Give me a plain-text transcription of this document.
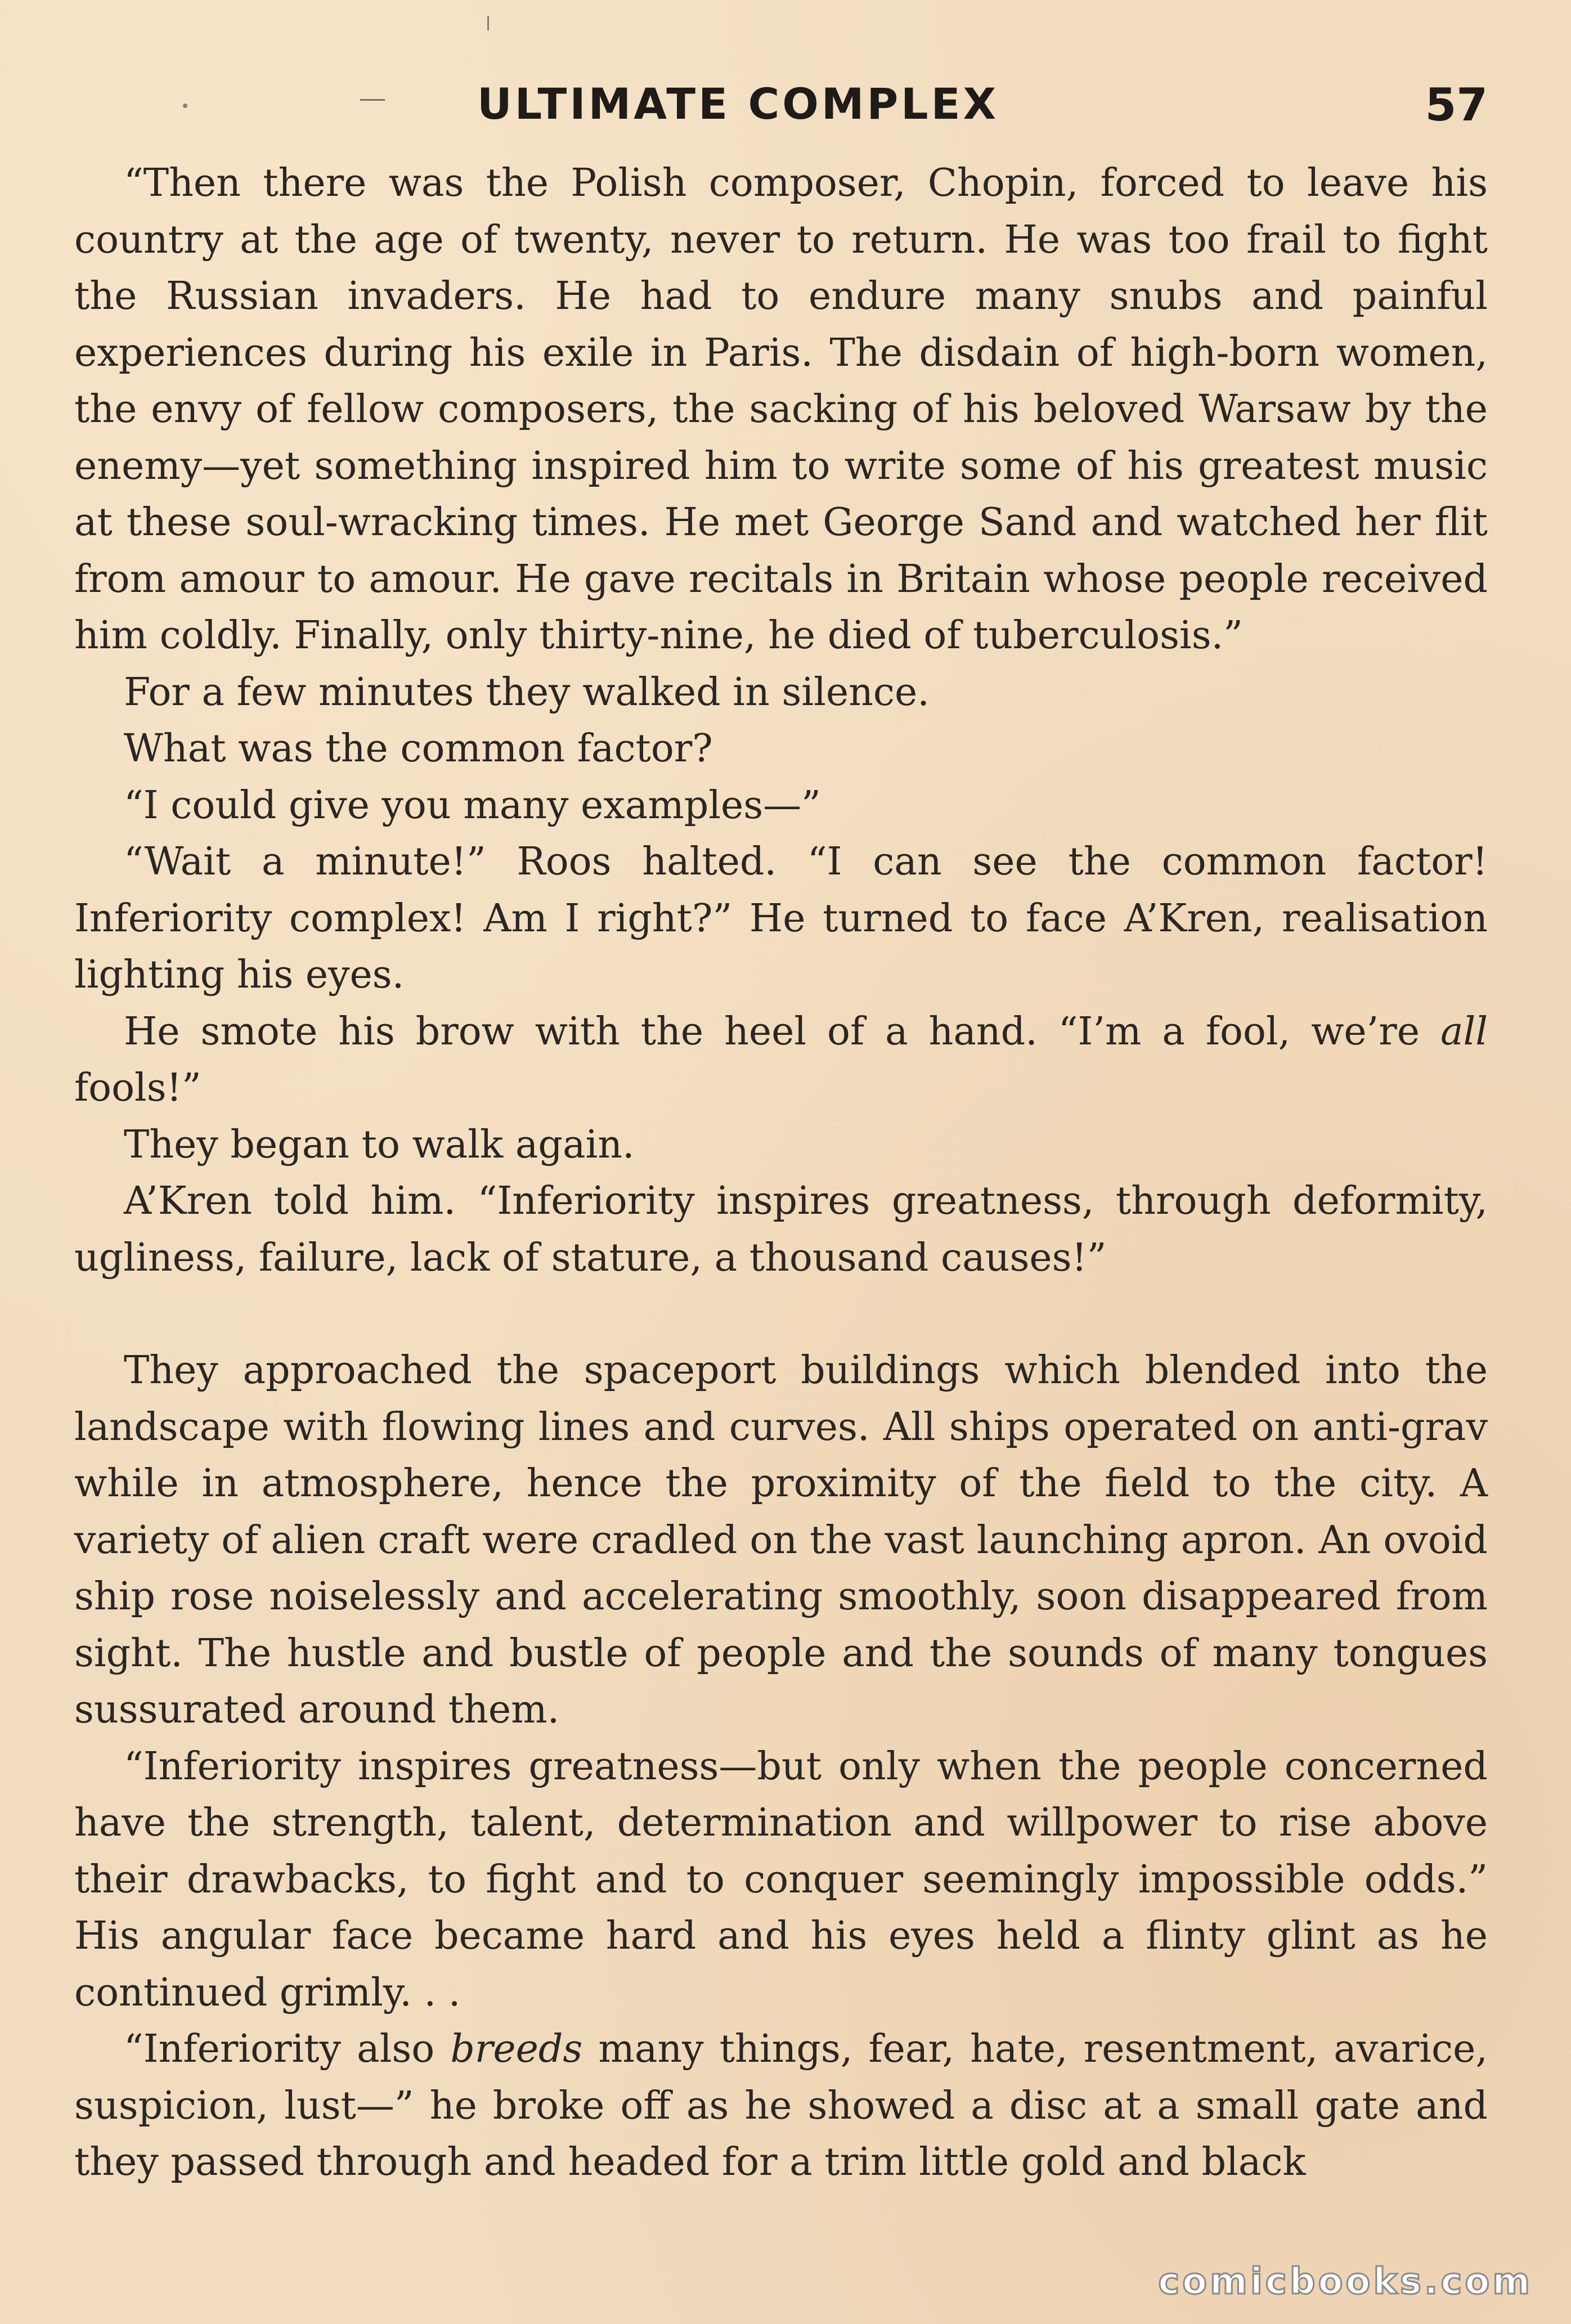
ULTIMATE COMPLEX	57

“Then there was the Polish composer, Chopin, forced to leave his country at the age of twenty, never to return. He was too frail to fight the Russian invaders. He had to endure many snubs and painful experiences during his exile in Paris. The disdain of high-born women, the envy of fellow composers, the sacking of his beloved Warsaw by the enemy—yet something inspired him to write some of his greatest music at these soul-wracking times. He met George Sand and watched her flit from amour to amour. He gave recitals in Britain whose people received him coldly. Finally, only thirty-nine, he died of tuberculosis.”

For a few minutes they walked in silence.

What was the common factor?

“I could give you many examples—”

“Wait a minute!” Roos halted. “I can see the common factor! Inferiority complex! Am I right?” He turned to face A’Kren, realisation lighting his eyes.

He smote his brow with the heel of a hand. “I’m a fool, we’re all fools!”

They began to walk again.

A’Kren told him. “Inferiority inspires greatness, through deformity, ugliness, failure, lack of stature, a thousand causes!”

They approached the spaceport buildings which blended into the landscape with flowing lines and curves. All ships operated on anti-grav while in atmosphere, hence the proximity of the field to the city. A variety of alien craft were cradled on the vast launching apron. An ovoid ship rose noiselessly and accelerating smoothly, soon disappeared from sight. The hustle and bustle of people and the sounds of many tongues sussurated around them.

“Inferiority inspires greatness—but only when the people concerned have the strength, talent, determination and willpower to rise above their drawbacks, to fight and to conquer seemingly impossible odds.” His angular face became hard and his eyes held a flinty glint as he continued grimly. . .

“Inferiority also breeds many things, fear, hate, resentment, avarice, suspicion, lust—” he broke off as he showed a disc at a small gate and they passed through and headed for a trim little gold and black

comicbooks.com
